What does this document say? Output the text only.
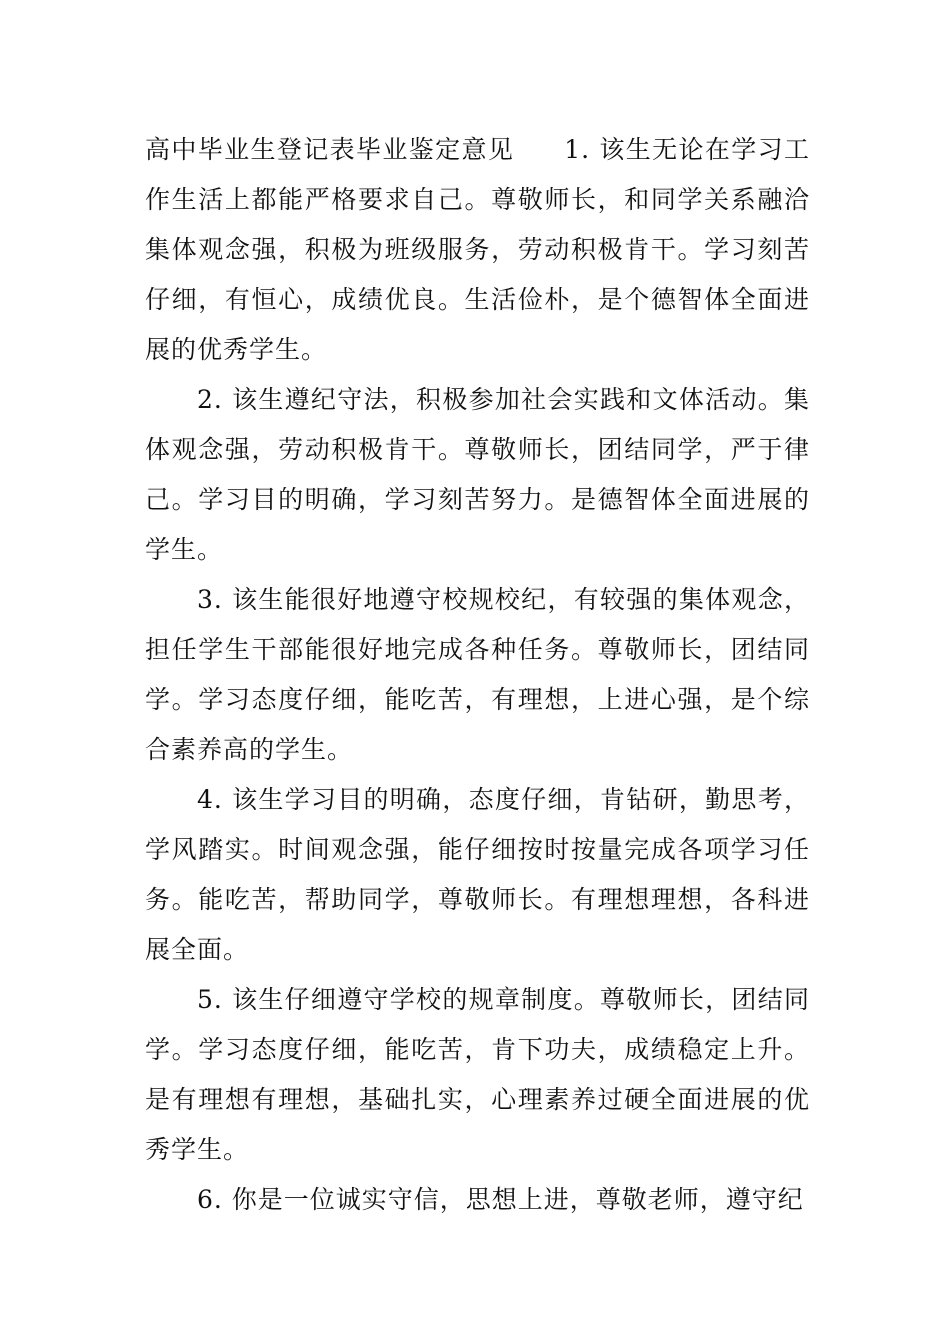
高中毕业生登记表毕业鉴定意见 1. 该生无论在学习工作生活上都能严格要求自己。尊敬师长，和同学关系融洽集体观念强，积极为班级服务，劳动积极肯干。学习刻苦仔细，有恒心，成绩优良。生活俭朴，是个德智体全面进展的优秀学生。

2. 该生遵纪守法，积极参加社会实践和文体活动。集体观念强，劳动积极肯干。尊敬师长，团结同学，严于律己。学习目的明确，学习刻苦努力。是德智体全面进展的学生。

3. 该生能很好地遵守校规校纪，有较强的集体观念，担任学生干部能很好地完成各种任务。尊敬师长，团结同学。学习态度仔细，能吃苦，有理想，上进心强，是个综合素养高的学生。

4. 该生学习目的明确，态度仔细，肯钻研，勤思考，学风踏实。时间观念强，能仔细按时按量完成各项学习任务。能吃苦，帮助同学，尊敬师长。有理想理想，各科进展全面。

5. 该生仔细遵守学校的规章制度。尊敬师长，团结同学。学习态度仔细，能吃苦，肯下功夫，成绩稳定上升。是有理想有理想，基础扎实，心理素养过硬全面进展的优秀学生。

6. 你是一位诚实守信，思想上进，尊敬老师，遵守纪
